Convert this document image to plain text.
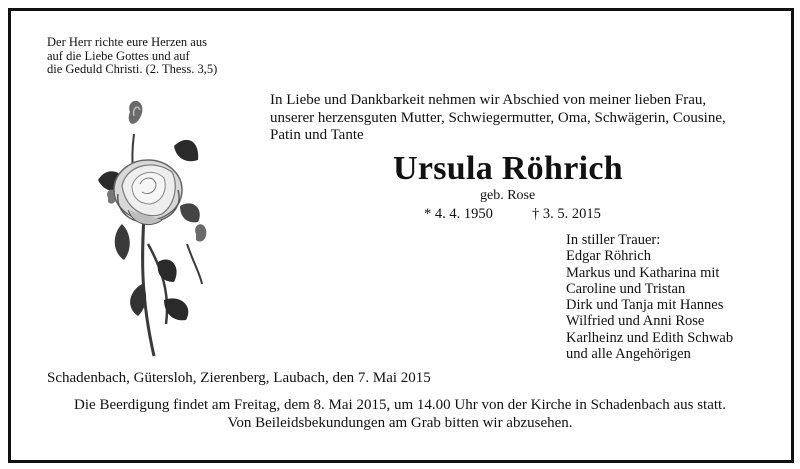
Der Herr richte eure Herzen aus
auf die Liebe Gottes und auf
die Geduld Christi. (2. Thess. 3,5)
In Liebe und Dankbarkeit nehmen wir Abschied von meiner lieben Frau,
unserer herzensguten Mutter, Schwiegermutter, Oma, Schwägerin, Cousine,
Patin und Tante
Ursula Röhrich
geb. Rose
* 4. 4. 1950	† 3. 5. 2015
In stiller Trauer:
Edgar Röhrich
Markus und Katharina mit
Caroline und Tristan
Dirk und Tanja mit Hannes
Wilfried und Anni Rose
Karlheinz und Edith Schwab
und alle Angehörigen
Schadenbach, Gütersloh, Zierenberg, Laubach, den 7. Mai 2015
Die Beerdigung findet am Freitag, dem 8. Mai 2015, um 14.00 Uhr von der Kirche in Schadenbach aus statt.
Von Beileidsbekundungen am Grab bitten wir abzusehen.
